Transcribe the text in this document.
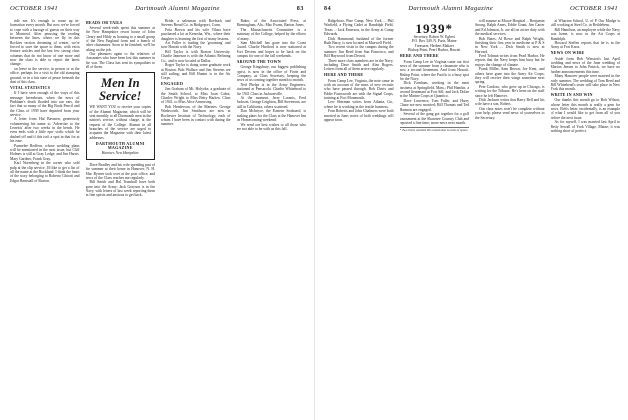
OCTOBER 1941	Dartmouth Alumni Magazine	83

ride me. It's enough to rouse up in- formation every month. But now we're forced to cope with a barrage of guests on their way to Montreal. After perusing the reading between the lines, where we fly in this Rockies section dreaming of winter, we're forced to save the space to them, with extra feature articles and the last few strong class columns that do not know of one more and now the class is able to report the latest change.

on leave in the service, in person or at the office, perhaps for a visit to the old stamping ground, or in a fair state of peace beneath the dust of this class.

VITAL STATISTICS

If I have seen enough of the ways of this message hereabouts, when the news of Pinkham's death flooded into our ears, the fact that so many of the Big Book Pencil and the Class of 1939 have departed from your service.

A letter from Hal Bavmen, generously volunteering his name to 'Advertise to the Leavitts' after two weeks in the bench. He even ends with a little epa- sodic which he dashed off and if this isn't a spot in that for at his ease.

Parmelee Redfern, whose wedding plans will be mentioned in the next issue, but Cliff Holmes is still at Gray Ledge, and Jim Harris. Mary Gardner, Frank Gray.

Karl Norenberg in the corner who sold pulp at the clip service. I'd like to get a list of all the name at the Rockland. I think the heart of the story belonging to Roberto Ghiotti and Edgar Barnstall of Boston.

HEADS OR TAILS

Several week-ends spent this summer at the New Hampshire resort house of John Cleary and Hildy as housing to a small group of the New England form and a bunch of other classmates. Soon to be finished, we'll be taking on the job.

Our pleasures again to the relatives of classmates who have been lost this summer in the war. The Class has sent its sympathies to all of them.

Men In Service!
WE WANT YOU to receive your copies of the Alumni Magazine, which will be sent monthly to all Dartmouth men in the nation's service, without charge, at the request of the College. Alumni in all branches of the service are urged to acquaint the Magazine with their latest addresses.
DARTMOUTH ALUMNI MAGAZINE
Hanover, New Hampshire

Dave Bradley and his wife spending part of the summer at their home in Hanover, N. H. Mac Byrnes took over at the post office, and news of the Class reaches me regularly.

Bill Smith and Hal Trumbull have both gone into the Army; Jack Grayson is in the Navy, with letters of last week reporting them in fine spirits and anxious to get back.

Bride, a salesman with Roebuck and Stevens Bread Co. in Bridgeport, Conn.

Fritz Brown and his wife Vilma have purchased a lot at Kenosha, Wis., where their daughter is learning the first of many lessons.

Art Fuller is trading the 'grooming' and now Hawaii with the Navy.

Bill Taylor is with Boston University. Charlie Jameson is with the Atlantic Refining Co., and is now located at Dallas.

Roger Taylor is doing some graduate work at Boston. Bob Wallace and Jim Stevens are still sailing; and Bill Hunter is in the Air Corps.

ENGAGED

Jim Graham of Mt. Holyoke, a graduate of the Smith School, to Miss Joan Cabot. Charles Wright to Miss Betty Harlow. Class of 1941, to Miss Alice Armstrong.

Bob Henderson, of the Marines. George Wadsworth, Jim Smithson are now at Rochester Institute of Technology, each of whom I have been in contact with during the summer.

Baker, of the Associated Press, at Birmingham, Ala.; Mac Evans, Barton Jones.

The Massachusetts Committee is a mainstay of the College, helped by the efforts of many.

Stan Mitchell has gone into the Coast Guard. Charlie Hartford is now stationed at Fort Devens and hopes to be back on the campus for one of the fall weekends.

AROUND THE TOWN

George Kingsbury, our biggest publishing typist, is now in the office of Foote and Company, as Class Secretary, keeping the news of us coming together month to month.

Ned Phelps is in the Army Engineers, stationed at Pensacola. Charlie Whitehead to the 1941 Class in Jacksonville.

At the moment, Jerry Loomis, Fred Jackson, George Leighton, Bill Stevenson, are still in California, others scattered.

Dan McIntyre, the Eastern Seaboard, is making plans for the Class at the Hanover Inn on Homecoming weekend.

We send our best wishes to all those who are not able to be with us this fall.

84	Dartmouth Alumni Magazine	OCTOBER 1941

Ridgeboro, Pine Camp, New York ... Phil Warfield, a Flying Cadet at Randolph Field, Texas ... Jack Emerson, in the Army at Camp Edwards.

Dick Hammond, husband of the former Ruth Barry, is now located at Maxwell Field.

Two recent visits to the campus during the summer: Jim Reed from San Francisco, and Bill Haywood from Detroit.

Three more class members are in the Navy, including Dave Smith and Alan Rogers. Letters from all of them arrive regularly.

HERE AND THERE

From Camp Lee, Virginia, the note came in with an account of the mass of new recruits who have passed through. Bob Davis and Eddie Farnsworth are with the Signal Corps, training at Fort Monmouth.

Lew Sherman writes from Atlanta, Ga., where he is working in the textile business.

Fran Roberts and John Chalmers were both married in June; notes of both weddings will appear soon.

1939*
Secretary, Robert W. Egbert
P.O. Box 349, N. Paris, Maine
Treasurer, Herbert Maltzer
Bishop Point, Pearl Harbor, Hawaii
HERE AND THERE

From Camp Lee in Virginia came our first news of the summer from a classmate who is now a second lieutenant. And from Hawaii, Bishop Point, where the Pacific is a busy spot for the Navy.

Dick Farnham, working in the meat business at Springfield, Mass.; Phil Hamlin, a second lieutenant at Fort Sill; and Jack Dolan in the Marine Corps at Quantico.

Dave Lawrence, Tom Fuller, and Harry Chase are now married; Bill Thomas and Ted Harmon are engaged.

Several of the gang got together for a golf tournament at the Shawnee Country Club and reported a fine time; more news next month.

* Two items omitted this month due to lack of space.

will assume at Moore Hospital ... Benjamin Strong, Ralph Ames, Eddie Grant, Jim Carter and Ed Johnson, Jr. are all on active duty with the medical services.

Bob Bates, Al Rowe and Ralph Wright, finishing their first year in medicine at P & S in New York ... Dick Smith is now at Harvard.

Fred Tolman writes from Pearl Harbor. He reports that the Navy keeps him busy but he enjoys the change of climate.

Frank Miller, Sam Brown, Joe Kent, and others have gone into the Army Air Corps; they will receive their wings sometime next spring.

Pete Cardoso, who grew up in Chicago, is writing for the Tribune. He's been on the staff since he left Hanover.

Dick Jackson writes that Harry Bell and his wife have a son, Robert.

Our class notes won't be complete without your help; please send news of yourselves to the Secretary.

at Wharton School, U. of P. Our Mudge is still working at Steel Co. in Bethlehem.

Bill Hamilton, an employee while the Navy was home, is now in the Air Corps at Randolph.

Howard Steffen reports that he is in the Army at Fort Knox.

NEWS ON WIRE

Aside from Bob Winston's last April wedding and news of the June wedding of Marion Jensen to John Patrick, we have no further announcements this time.

Many Hanover people were married in the early summer. The wedding of Tom Reed and Bill Whitehead's sister will take place in New York this month.

WRITE IN AND WIN

Our thanks this month go to Bob Wilson, whose letter this month is really a gem for news. Bob's letter, incidentally, is an example of what I would like to get from all of you before the next issue.

As for myself, I was married last April to Betty Sewall of York Village, Maine; it was nothing short of perfect.
